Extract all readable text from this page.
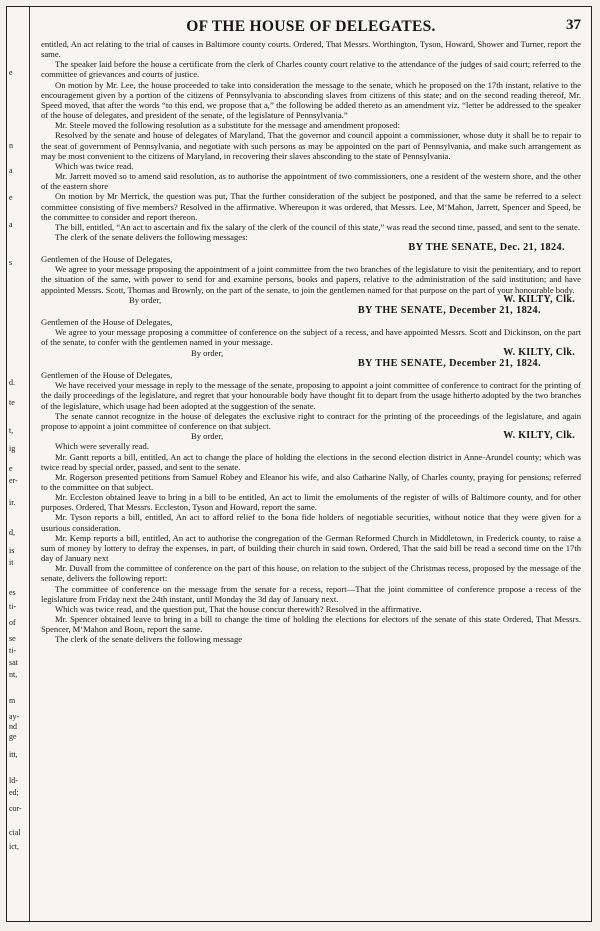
e
n
a
e
a
s
d.
te
t,
ig
e
er-
ir.
d,
is
it
es
ti-
of
se
ti-
sat
nt,
m
ay-
nd
ge
itt,
ld-
ed;
cor-
cial
ict,
OF THE HOUSE OF DELEGATES.	37

entitled, An act relating to the trial of causes in Baltimore county courts. Ordered, That Messrs. Worthington, Tyson, Howard, Shower and Turner, report the same.

The speaker laid before the house a certificate from the clerk of Charles county court relative to the attendance of the judges of said court; referred to the committee of grievances and courts of justice.

On motion by Mr. Lee, the house proceeded to take into consideration the message to the senate, which he proposed on the 17th instant, relative to the encouragement given by a portion of the citizens of Pennsylvania to absconding slaves from citizens of this state; and on the second reading thereof, Mr. Speed moved, that after the words “to this end, we propose that a,” the following be added thereto as an amendment viz. “letter be addressed to the speaker of the house of delegates, and president of the senate, of the legislature of Pennsylvania.”

Mr. Steele moved the following resolution as a substitute for the message and amendment proposed:

Resolved by the senate and house of delegates of Maryland, That the governor and council appoint a commissioner, whose duty it shall be to repair to the seat of government of Pennsylvania, and negotiate with such persons as may be appointed on the part of Pennsylvania, and make such arrangement as may be most convenient to the citizens of Maryland, in recovering their slaves absconding to the state of Pennsylvania.

Which was twice read.

Mr. Jarrett moved so to amend said resolution, as to authorise the appointment of two commissioners, one a resident of the western shore, and the other of the eastern shore

On motion by Mr Merrick, the question was put, That the further consideration of the subject be postponed, and that the same be referred to a select committee consisting of five members? Resolved in the affirmative. Whereupon it was ordered, that Messrs. Lee, M‘Mahon, Jarrett, Spencer and Speed, be the committee to consider and report thereon.

The bill, entitled, “An act to ascertain and fix the salary of the clerk of the council of this state,” was read the second time, passed, and sent to the senate.

The clerk of the senate delivers the following messages:

BY THE SENATE, Dec. 21, 1824.

Gentlemen of the House of Delegates,

We agree to your message proposing the appointment of a joint committee from the two branches of the legislature to visit the penitentiary, and to report the situation of the same, with power to send for and examine persons, books and papers, relative to the administration of the said institution; and have appointed Messrs. Scott, Thomas and Brownly, on the part of the senate, to join the gentlemen named for that purpose on the part of your honourable body.

By order,	W. KILTY, Clk.
BY THE SENATE, December 21, 1824.

Gentlemen of the House of Delegates,

We agree to your message proposing a committee of conference on the subject of a recess, and have appointed Messrs. Scott and Dickinson, on the part of the senate, to confer with the gentlemen named in your message.

By order,	W. KILTY, Clk.
BY THE SENATE, December 21, 1824.

Gentlemen of the House of Delegates,

We have received your message in reply to the message of the senate, proposing to appoint a joint committee of conference to contract for the printing of the daily proceedings of the legislature, and regret that your honourable body have thought fit to depart from the usage hitherto adopted by the two branches of the legislature, which usage had been adopted at the suggestion of the senate.

The senate cannot recognize in the house of delegates the exclusive right to contract for the printing of the proceedings of the legislature, and again propose to appoint a joint committee of conference on that subject.

By order,	W. KILTY, Clk.

Which were severally read.

Mr. Gantt reports a bill, entitled, An act to change the place of holding the elections in the second election district in Anne-Arundel county; which was twice read by special order, passed, and sent to the senate.

Mr. Rogerson presented petitions from Samuel Robey and Eleanor his wife, and also Catharine Nally, of Charles county, praying for pensions; referred to the committee on that subject.

Mr. Eccleston obtained leave to bring in a bill to be entitled, An act to limit the emoluments of the register of wills of Baltimore county, and for other purposes. Ordered, That Messrs. Eccleston, Tyson and Howard, report the same.

Mr. Tyson reports a bill, entitled, An act to afford relief to the bona fide holders of negotiable securities, without notice that they were given for a usurious consideration.

Mr. Kemp reports a bill, entitled, An act to authorise the congregation of the German Reformed Church in Middletown, in Frederick county, to raise a sum of money by lottery to defray the expenses, in part, of building their church in said town. Ordered, That the said bill be read a second time on the 17th day of January next

Mr. Duvall from the committee of conference on the part of this house, on relation to the subject of the Christmas recess, proposed by the message of the senate, delivers the following report:

The committee of conference on the message from the senate for a recess, report—That the joint committee of conference propose a recess of the legislature from Friday next the 24th instant, until Monday the 3d day of January next.

Which was twice read, and the question put, That the house concur therewith? Resolved in the affirmative.

Mr. Spencer obtained leave to bring in a bill to change the time of holding the elections for electors of the senate of this state Ordered, That Messrs. Spencer, M‘Mahon and Boon, report the same.

The clerk of the senate delivers the following message
